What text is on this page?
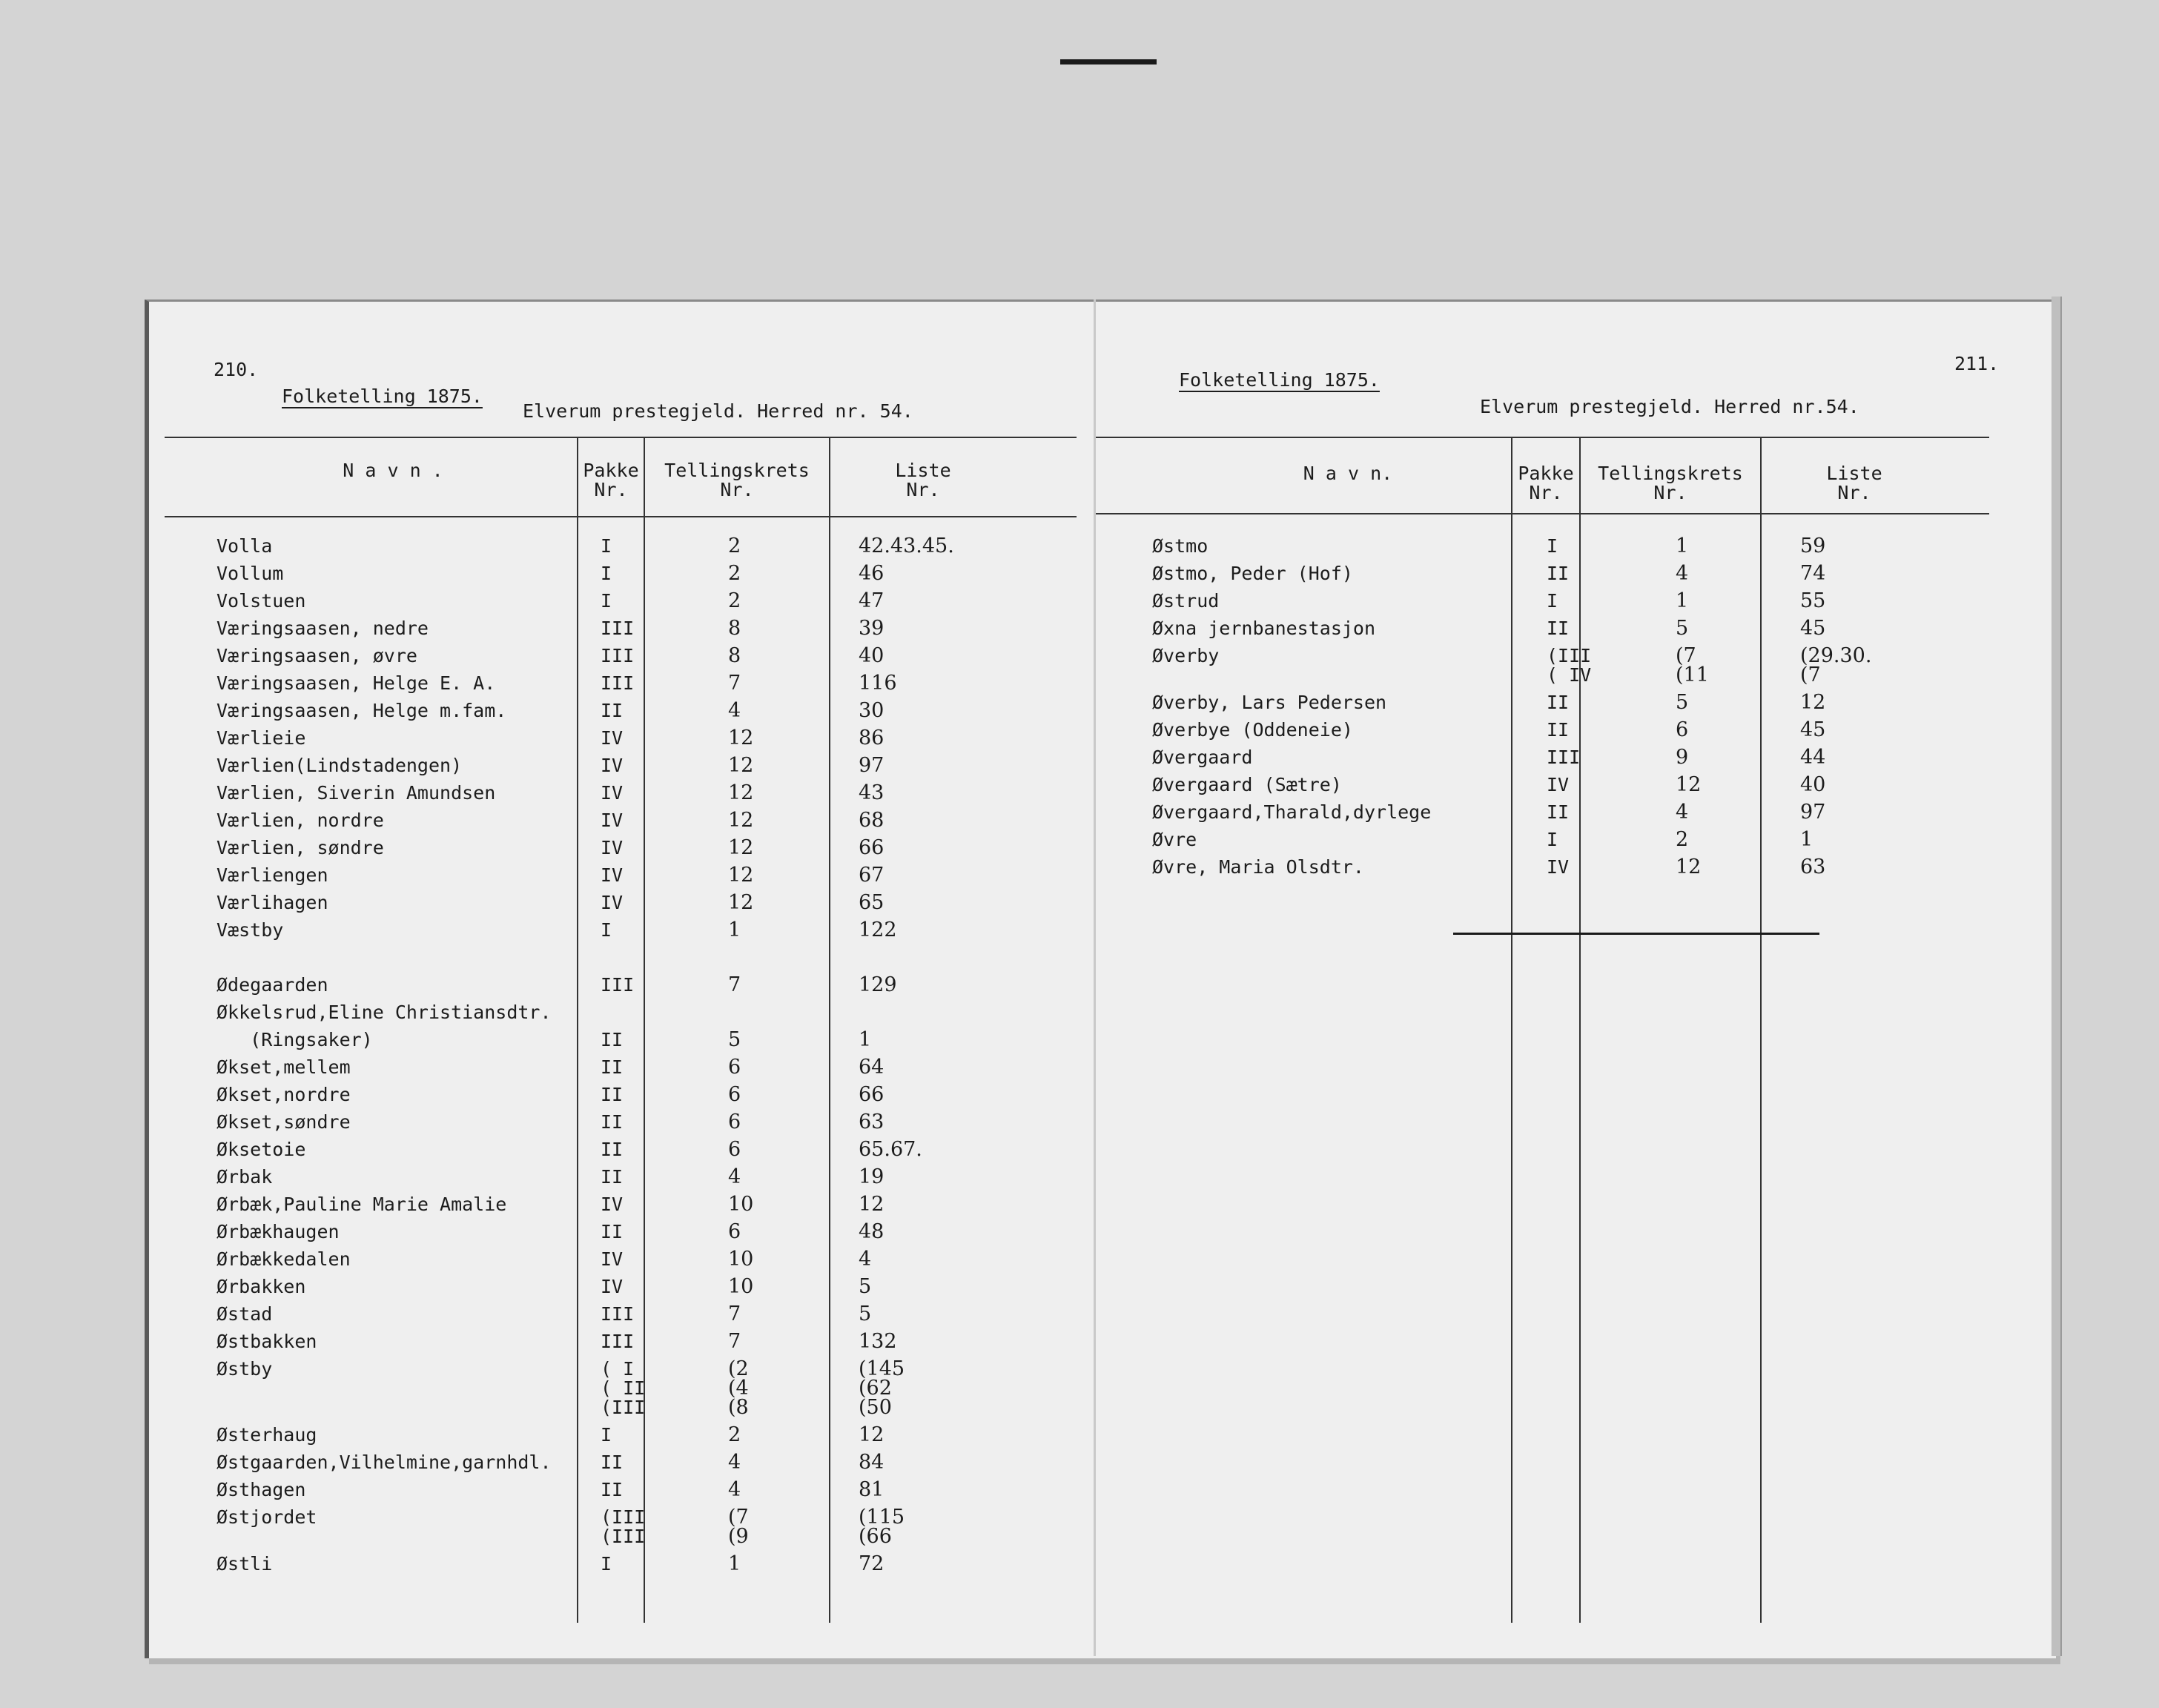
210.
Folketelling 1875.
Elverum prestegjeld. Herred nr. 54.
N a v n .	Pakke
Nr.
Tellingskrets
Nr.
Liste
Nr.
Volla	I	2	42.43.45.
Vollum	I	2	46
Volstuen	I	2	47
Væringsaasen, nedre	III	8	39
Væringsaasen, øvre	III	8	40
Væringsaasen, Helge E. A.	III	7	116
Væringsaasen, Helge m.fam.	II	4	30
Værlieie	IV	12	86
Værlien(Lindstadengen)	IV	12	97
Værlien, Siverin Amundsen	IV	12	43
Værlien, nordre	IV	12	68
Værlien, søndre	IV	12	66
Værliengen	IV	12	67
Værlihagen	IV	12	65
Væstby	I	1	122
Ødegaarden	III	7	129
Økkelsrud,Eline Christiansdtr.
(Ringsaker)	II	5	1
Økset,mellem	II	6	64
Økset,nordre	II	6	66
Økset,søndre	II	6	63
Øksetoie	II	6	65.67.
Ørbak	II	4	19
Ørbæk,Pauline Marie Amalie	IV	10	12
Ørbækhaugen	II	6	48
Ørbækkedalen	IV	10	4
Ørbakken	IV	10	5
Østad	III	7	5
Østbakken	III	7	132
Østby	( I	(2	(145
( II	(4	(62
(III	(8	(50
Østerhaug	I	2	12
Østgaarden,Vilhelmine,garnhdl.	II	4	84
Østhagen	II	4	81
Østjordet	(III	(7	(115
(III	(9	(66
Østli	I	1	72
211.
Folketelling 1875.
Elverum prestegjeld. Herred nr.54.
N a v n.	Pakke
Nr.
Tellingskrets
Nr.
Liste
Nr.
Østmo	I	1	59
Østmo, Peder (Hof)	II	4	74
Østrud	I	1	55
Øxna jernbanestasjon	II	5	45
Øverby	(III	(7	(29.30.
( IV	(11	(7
Øverby, Lars Pedersen	II	5	12
Øverbye (Oddeneie)	II	6	45
Øvergaard	III	9	44
Øvergaard (Sætre)	IV	12	40
Øvergaard,Tharald,dyrlege	II	4	97
Øvre	I	2	1
Øvre, Maria Olsdtr.	IV	12	63
